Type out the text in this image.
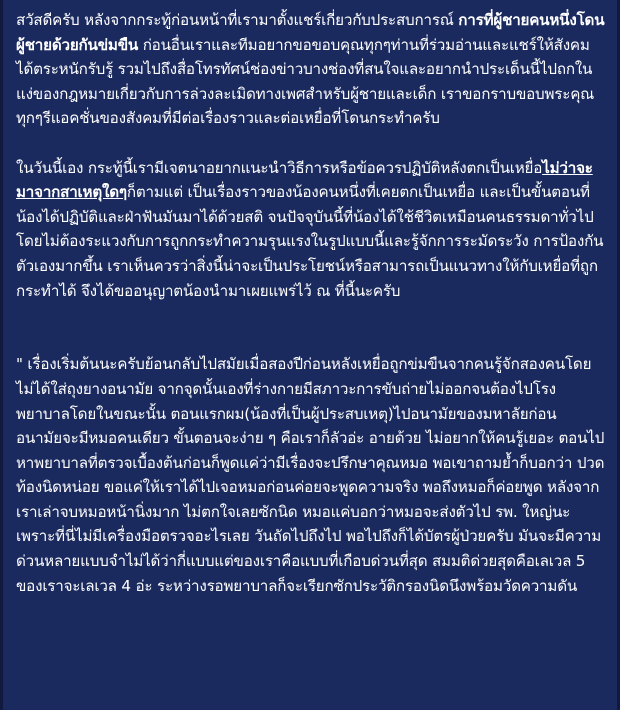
สวัสดีครับ หลังจากกระทู้ก่อนหน้าที่เรามาตั้งแชร์เกี่ยวกับประสบการณ์ การที่ผู้ชายคนหนึ่งโดนผู้ชายด้วยกันข่มขืน ก่อนอื่นเราและทีมอยากขอขอบคุณทุกๆท่านที่ร่วมอ่านและแชร์ให้สังคมได้ตระหนักรับรู้ รวมไปถึงสื่อโทรทัศน์ช่องข่าวบางช่องที่สนใจและอยากนำประเด็นนี้ไปถกในแง่ของกฎหมายเกี่ยวกับการล่วงละเมิดทางเพศสำหรับผู้ชายและเด็ก เราขอกราบขอบพระคุณทุกๆรีแอคชั่นของสังคมที่มีต่อเรื่องราวและต่อเหยื่อที่โดนกระทำครับ

ในวันนี้เอง กระทู้นี้เรามีเจตนาอยากแนะนำวิธีการหรือข้อควรปฏิบัติหลังตกเป็นเหยื่อไม่ว่าจะมาจากสาเหตุใดๆก็ตามแต่ เป็นเรื่องราวของน้องคนหนึ่งที่เคยตกเป็นเหยื่อ และเป็นขั้นตอนที่น้องได้ปฏิบัติและฝ่าฟันมันมาได้ด้วยสติ จนปัจจุบันนี้ที่น้องได้ใช้ชีวิตเหมือนคนธรรมดาทั่วไป โดยไม่ต้องระแวงกับการถูกกระทำความรุนแรงในรูปแบบนี้และรู้จักการระมัดระวัง การป้องกันตัวเองมากขึ้น เราเห็นควรว่าสิ่งนี้น่าจะเป็นประโยชน์หรือสามารถเป็นแนวทางให้กับเหยื่อที่ถูกกระทำได้ จึงได้ขออนุญาตน้องนำมาเผยแพร่ไว้ ณ ที่นี้นะครับ

" เรื่องเริ่มต้นนะครับย้อนกลับไปสมัยเมื่อสองปีก่อนหลังเหยื่อถูกข่มขืนจากคนรู้จักสองคนโดยไม่ได้ใส่ถุงยางอนามัย จากจุดนั้นเองที่ร่างกายมีสภาวะการขับถ่ายไม่ออกจนต้องไปโรงพยาบาลโดยในขณะนั้น ตอนแรกผม(น้องที่เป็นผู้ประสบเหตุ)ไปอนามัยของมหาลัยก่อน อนามัยจะมีหมอคนเดียว ขั้นตอนจะง่าย ๆ คือเราก็ลัวอ่ะ อายด้วย ไม่อยากให้คนรู้เยอะ ตอนไปหาพยาบาลที่ตรวจเบื้องต้นก่อนก็พูดแค่ว่ามีเรื่องจะปรึกษาคุณหมอ พอเขาถามย้ำก็บอกว่า ปวดท้องนิดหน่อย ขอแค่ให้เราได้ไปเจอหมอก่อนค่อยจะพูดความจริง พอถึงหมอก็ค่อยพูด หลังจากเราเล่าจบหมอหน้านิ่งมาก ไม่ตกใจเลยซักนิด หมอแค่บอกว่าหมอจะส่งตัวไป รพ. ใหญ่นะ เพราะที่นี่ไม่มีเครื่องมือตรวจอะไรเลย วันถัดไปถึงไป พอไปถึงก็ได้บัตรผู้ป่วยครับ มันจะมีความด่วนหลายแบบจำไม่ได้ว่ากี่แบบแต่ของเราคือแบบที่เกือบด่วนที่สุด สมมติด่วยสุดคือเลเวล 5 ของเราจะเลเวล 4 อ่ะ ระหว่างรอพยาบาลก็จะเรียกซักประวัติกรองนิดนึงพร้อมวัดความดัน
